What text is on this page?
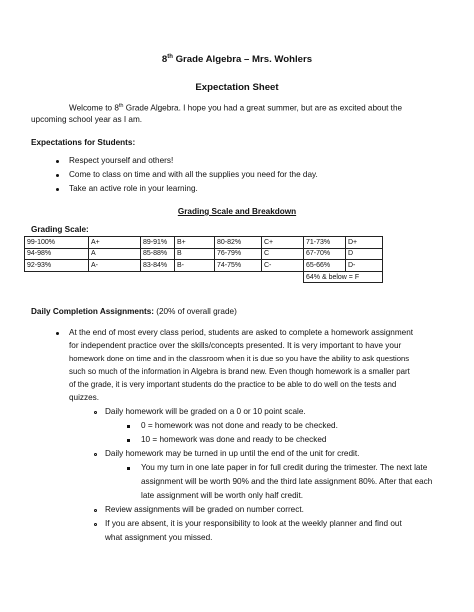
8th Grade Algebra – Mrs. Wohlers
Expectation Sheet
Welcome to 8th Grade Algebra. I hope you had a great summer, but are as excited about the
upcoming school year as I am.
Expectations for Students:
Respect yourself and others!
Come to class on time and with all the supplies you need for the day.
Take an active role in your learning.
Grading Scale and Breakdown
Grading Scale:
99-100%	A+	89-91%	B+	80-82%	C+	71-73%	D+
94-98%	A	85-88%	B	76-79%	C	67-70%	D
92-93%	A-	83-84%	B-	74-75%	C-	65-66%	D-
						64% & below = F	
Daily Completion Assignments: (20% of overall grade)
At the end of most every class period, students are asked to complete a homework assignment
for independent practice over the skills/concepts presented. It is very important to have your
homework done on time and in the classroom when it is due so you have the ability to ask questions
such so much of the information in Algebra is brand new. Even though homework is a smaller part
of the grade, it is very important students do the practice to be able to do well on the tests and
quizzes.
Daily homework will be graded on a 0 or 10 point scale.
0 = homework was not done and ready to be checked.
10 = homework was done and ready to be checked
Daily homework may be turned in up until the end of the unit for credit.
You my turn in one late paper in for full credit during the trimester. The next late
assignment will be worth 90% and the third late assignment 80%. After that each
late assignment will be worth only half credit.
Review assignments will be graded on number correct.
If you are absent, it is your responsibility to look at the weekly planner and find out
what assignment you missed.
